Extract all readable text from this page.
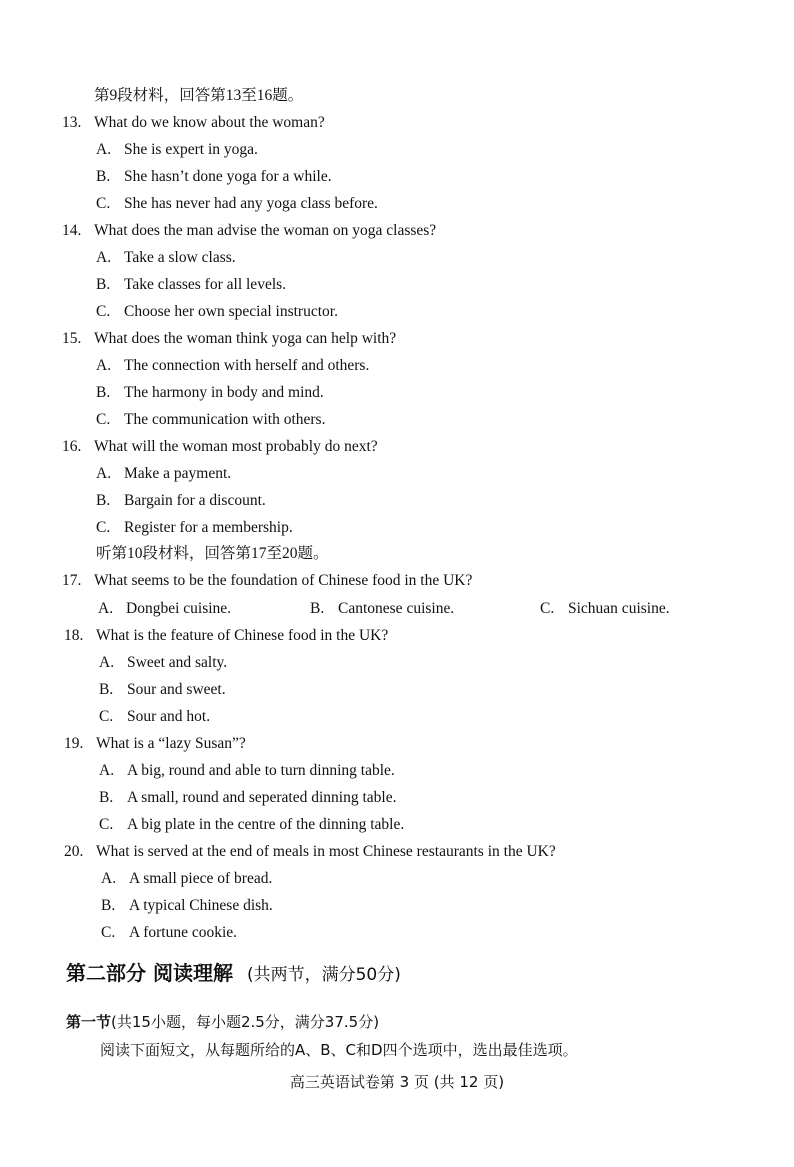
第9段材料，回答第13至16题。
13. What do we know about the woman?
A. She is expert in yoga.
B. She hasn’t done yoga for a while.
C. She has never had any yoga class before.
14. What does the man advise the woman on yoga classes?
A. Take a slow class.
B. Take classes for all levels.
C. Choose her own special instructor.
15. What does the woman think yoga can help with?
A. The connection with herself and others.
B. The harmony in body and mind.
C. The communication with others.
16. What will the woman most probably do next?
A. Make a payment.
B. Bargain for a discount.
C. Register for a membership.
听第10段材料，回答第17至20题。
17. What seems to be the foundation of Chinese food in the UK?
A. Dongbei cuisine.	B. Cantonese cuisine.	C. Sichuan cuisine.
18. What is the feature of Chinese food in the UK?
A. Sweet and salty.
B. Sour and sweet.
C. Sour and hot.
19. What is a “lazy Susan”?
A. A big, round and able to turn dinning table.
B. A small, round and seperated dinning table.
C. A big plate in the centre of the dinning table.
20. What is served at the end of meals in most Chinese restaurants in the UK?
A. A small piece of bread.
B. A typical Chinese dish.
C. A fortune cookie.
第二部分 阅读理解 (共两节，满分50分)
第一节(共15小题，每小题2.5分，满分37.5分)
阅读下面短文，从每题所给的A、B、C和D四个选项中，选出最佳选项。
高三英语试卷第 3 页 (共 12 页)
